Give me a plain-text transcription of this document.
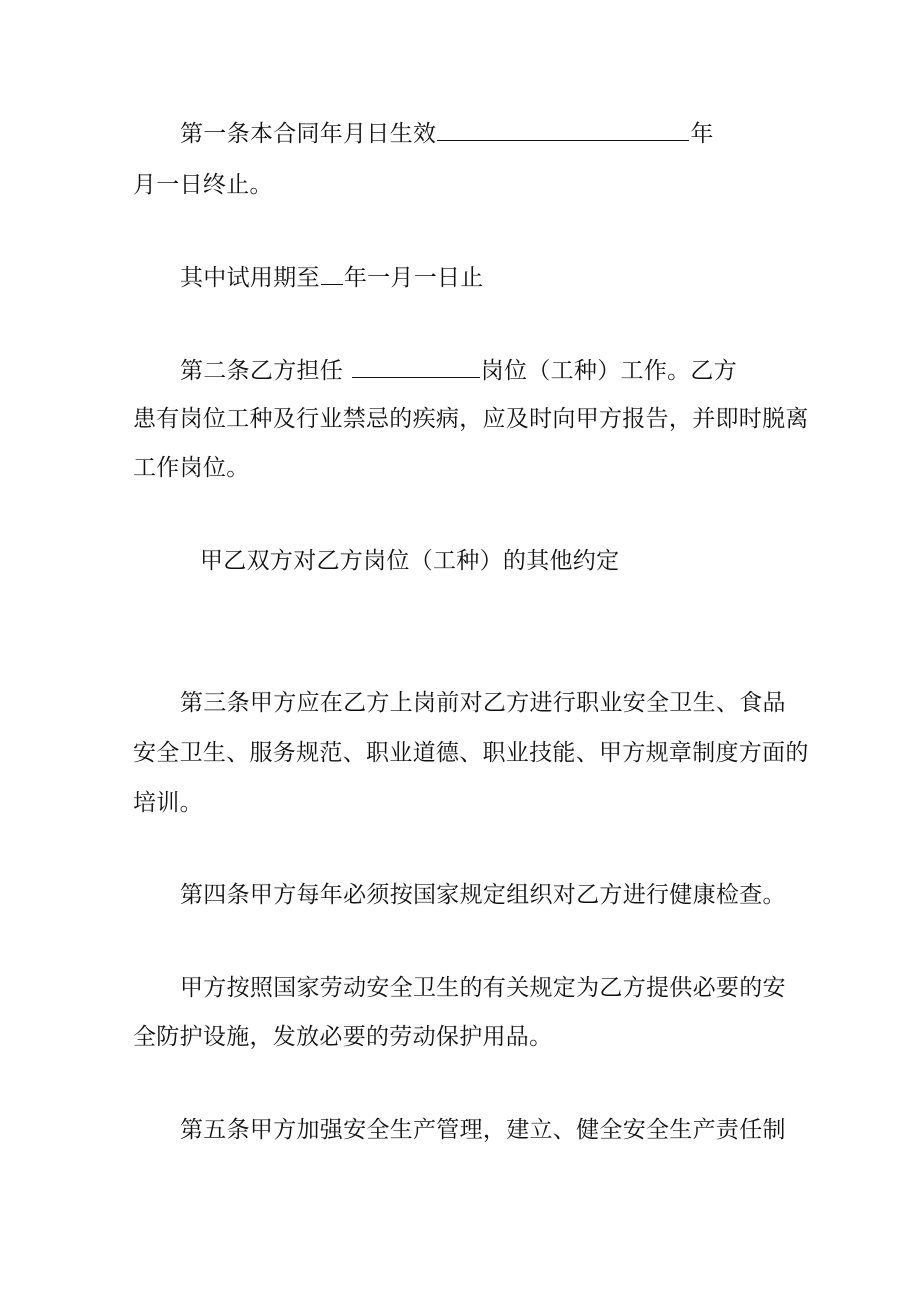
第一条本合同年月日生效	年
月一日终止。
其中试用期至 年一月一日止
第二条乙方担任	岗位（工种）工作。乙方
患有岗位工种及行业禁忌的疾病，应及时向甲方报告，并即时脱离
工作岗位。
甲乙双方对乙方岗位（工种）的其他约定
第三条甲方应在乙方上岗前对乙方进行职业安全卫生、食品
安全卫生、服务规范、职业道德、职业技能、甲方规章制度方面的
培训。
第四条甲方每年必须按国家规定组织对乙方进行健康检查。
甲方按照国家劳动安全卫生的有关规定为乙方提供必要的安
全防护设施，发放必要的劳动保护用品。
第五条甲方加强安全生产管理，建立、健全安全生产责任制
